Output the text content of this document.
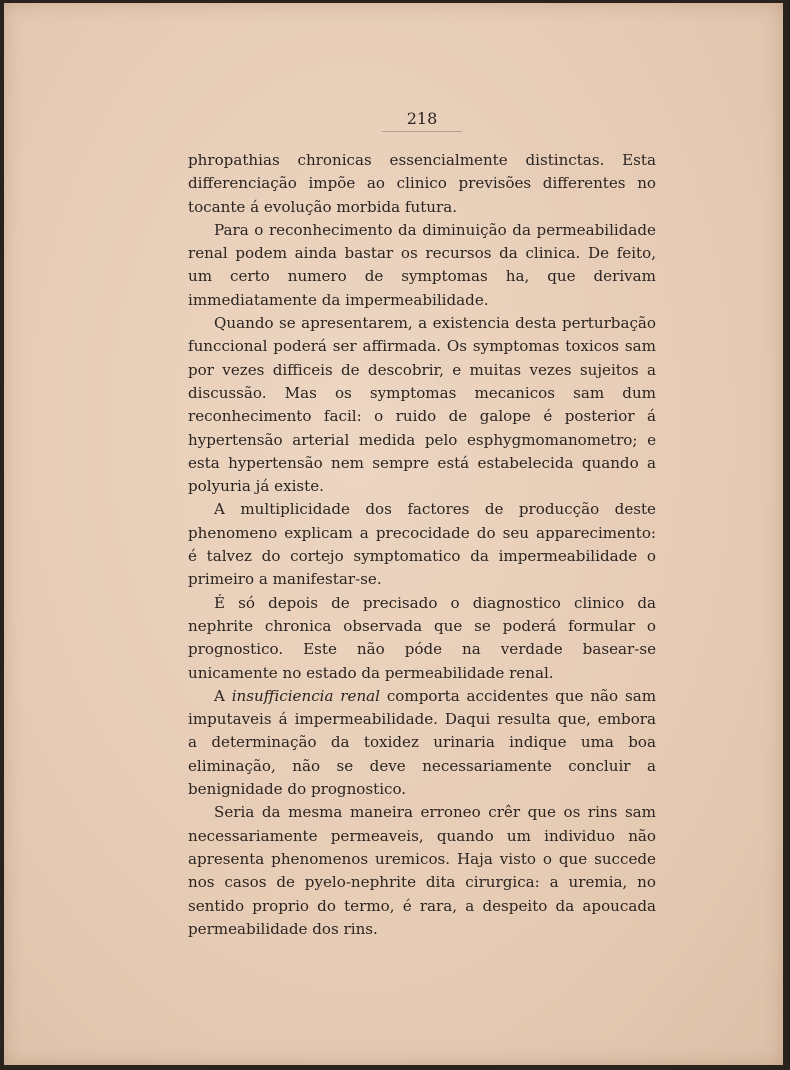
218

phropathias chronicas essencialmente distinctas. Esta differenciação impõe ao clinico previsões differentes no tocante á evolução morbida futura.

Para o reconhecimento da diminuição da permeabilidade renal podem ainda bastar os recursos da clinica. De feito, um certo numero de symptomas ha, que derivam immediatamente da impermeabilidade.

Quando se apresentarem, a existencia desta perturbação funccional poderá ser affirmada. Os symptomas toxicos sam por vezes difficeis de descobrir, e muitas vezes sujeitos a discussão. Mas os symptomas mecanicos sam dum reconhecimento facil: o ruido de galope é posterior á hypertensão arterial medida pelo esphygmomanometro; e esta hypertensão nem sempre está estabelecida quando a polyuria já existe.

A multiplicidade dos factores de producção deste phenomeno explicam a precocidade do seu apparecimento: é talvez do cortejo symptomatico da impermeabilidade o primeiro a manifestar-se.

É só depois de precisado o diagnostico clinico da nephrite chronica observada que se poderá formular o prognostico. Este não póde na verdade basear-se unicamente no estado da permeabilidade renal.

A insufficiencia renal comporta accidentes que não sam imputaveis á impermeabilidade. Daqui resulta que, embora a determinação da toxidez urinaria indique uma boa eliminação, não se deve necessariamente concluir a benignidade do prognostico.

Seria da mesma maneira erroneo crêr que os rins sam necessariamente permeaveis, quando um individuo não apresenta phenomenos uremicos. Haja visto o que succede nos casos de pyelo-nephrite dita cirurgica: a uremia, no sentido proprio do termo, é rara, a despeito da apoucada permeabilidade dos rins.
